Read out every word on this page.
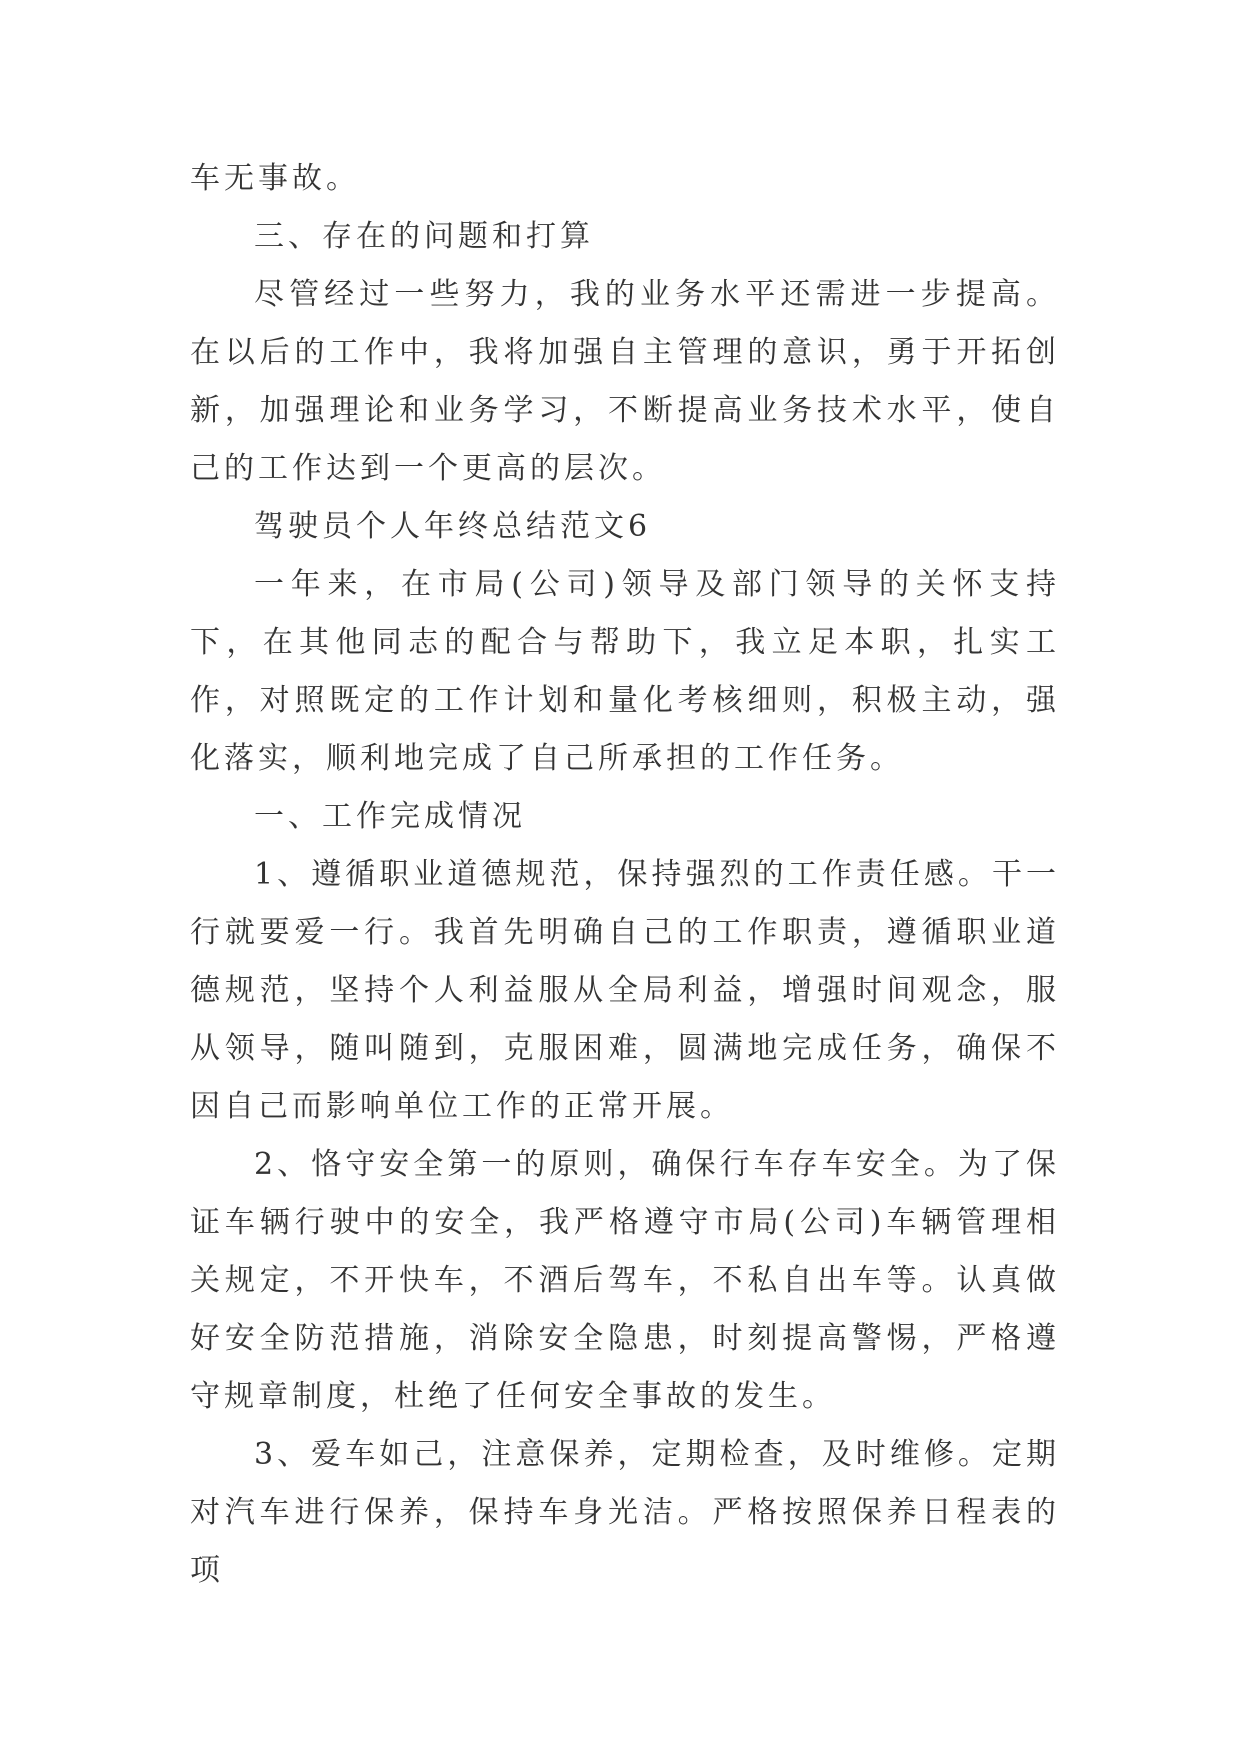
车无事故。

三、存在的问题和打算

尽管经过一些努力，我的业务水平还需进一步提高。在以后的工作中，我将加强自主管理的意识，勇于开拓创新，加强理论和业务学习，不断提高业务技术水平，使自己的工作达到一个更高的层次。

驾驶员个人年终总结范文6

一年来，在市局(公司)领导及部门领导的关怀支持下，在其他同志的配合与帮助下，我立足本职，扎实工作，对照既定的工作计划和量化考核细则，积极主动，强化落实，顺利地完成了自己所承担的工作任务。

一、工作完成情况

1、遵循职业道德规范，保持强烈的工作责任感。干一行就要爱一行。我首先明确自己的工作职责，遵循职业道德规范，坚持个人利益服从全局利益，增强时间观念，服从领导，随叫随到，克服困难，圆满地完成任务，确保不因自己而影响单位工作的正常开展。

2、恪守安全第一的原则，确保行车存车安全。为了保证车辆行驶中的安全，我严格遵守市局(公司)车辆管理相关规定，不开快车，不酒后驾车，不私自出车等。认真做好安全防范措施，消除安全隐患，时刻提高警惕，严格遵守规章制度，杜绝了任何安全事故的发生。

3、爱车如己，注意保养，定期检查，及时维修。定期对汽车进行保养，保持车身光洁。严格按照保养日程表的项
